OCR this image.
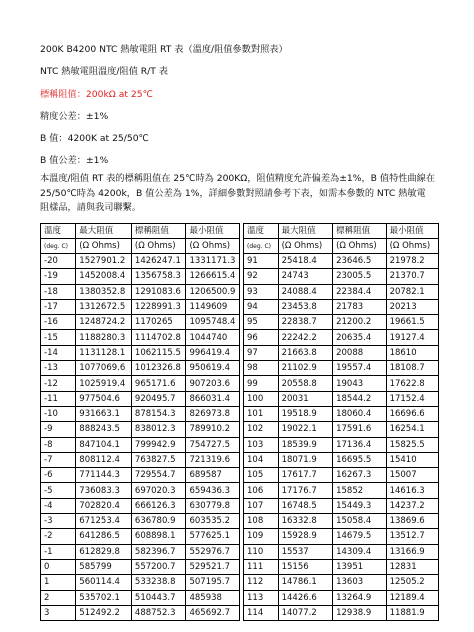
200K B4200 NTC 熱敏電阻 RT 表（溫度/阻值參數對照表）
NTC 熱敏電阻溫度/阻值 R/T 表
標稱阻值：200kΩ at 25℃
精度公差：±1%
B 值：4200K at 25/50℃
B 值公差：±1%
本溫度/阻值 RT 表的標稱阻值在 25℃時為 200KΩ，阻值精度允許偏差為±1%，B 值特性曲線在
25/50℃時為 4200k，B 值公差為 1%，詳細參數對照請參考下表，如需本參數的 NTC 熱敏電
阻樣品，請與我司聯繫。
溫度	最大阻值	標稱阻值	最小阻值
(deg. C)	(Ω Ohms)	(Ω Ohms)	(Ω Ohms)
-20	1527901.2	1426247.1	1331171.3
-19	1452008.4	1356758.3	1266615.4
-18	1380352.8	1291083.6	1206500.9
-17	1312672.5	1228991.3	1149609
-16	1248724.2	1170265	1095748.4
-15	1188280.3	1114702.8	1044740
-14	1131128.1	1062115.5	996419.4
-13	1077069.6	1012326.8	950619.4
-12	1025919.4	965171.6	907203.6
-11	977504.6	920495.7	866031.4
-10	931663.1	878154.3	826973.8
-9	888243.5	838012.3	789910.2
-8	847104.1	799942.9	754727.5
-7	808112.4	763827.5	721319.6
-6	771144.3	729554.7	689587
-5	736083.3	697020.3	659436.3
-4	702820.4	666126.3	630779.8
-3	671253.4	636780.9	603535.2
-2	641286.5	608898.1	577625.1
-1	612829.8	582396.7	552976.7
0	585799	557200.7	529521.7
1	560114.4	533238.8	507195.7
2	535702.1	510443.7	485938
3	512492.2	488752.3	465692.7
溫度	最大阻值	標稱阻值	最小阻值
(deg. C)	(Ω Ohms)	(Ω Ohms)	(Ω Ohms)
91	25418.4	23646.5	21978.2
92	24743	23005.5	21370.7
93	24088.4	22384.4	20782.1
94	23453.8	21783	20213
95	22838.7	21200.2	19661.5
96	22242.2	20635.4	19127.4
97	21663.8	20088	18610
98	21102.9	19557.4	18108.7
99	20558.8	19043	17622.8
100	20031	18544.2	17152.4
101	19518.9	18060.4	16696.6
102	19022.1	17591.6	16254.1
103	18539.9	17136.4	15825.5
104	18071.9	16695.5	15410
105	17617.7	16267.3	15007
106	17176.7	15852	14616.3
107	16748.5	15449.3	14237.2
108	16332.8	15058.4	13869.6
109	15928.9	14679.5	13512.7
110	15537	14309.4	13166.9
111	15156	13951	12831
112	14786.1	13603	12505.2
113	14426.6	13264.9	12189.4
114	14077.2	12938.9	11881.9
